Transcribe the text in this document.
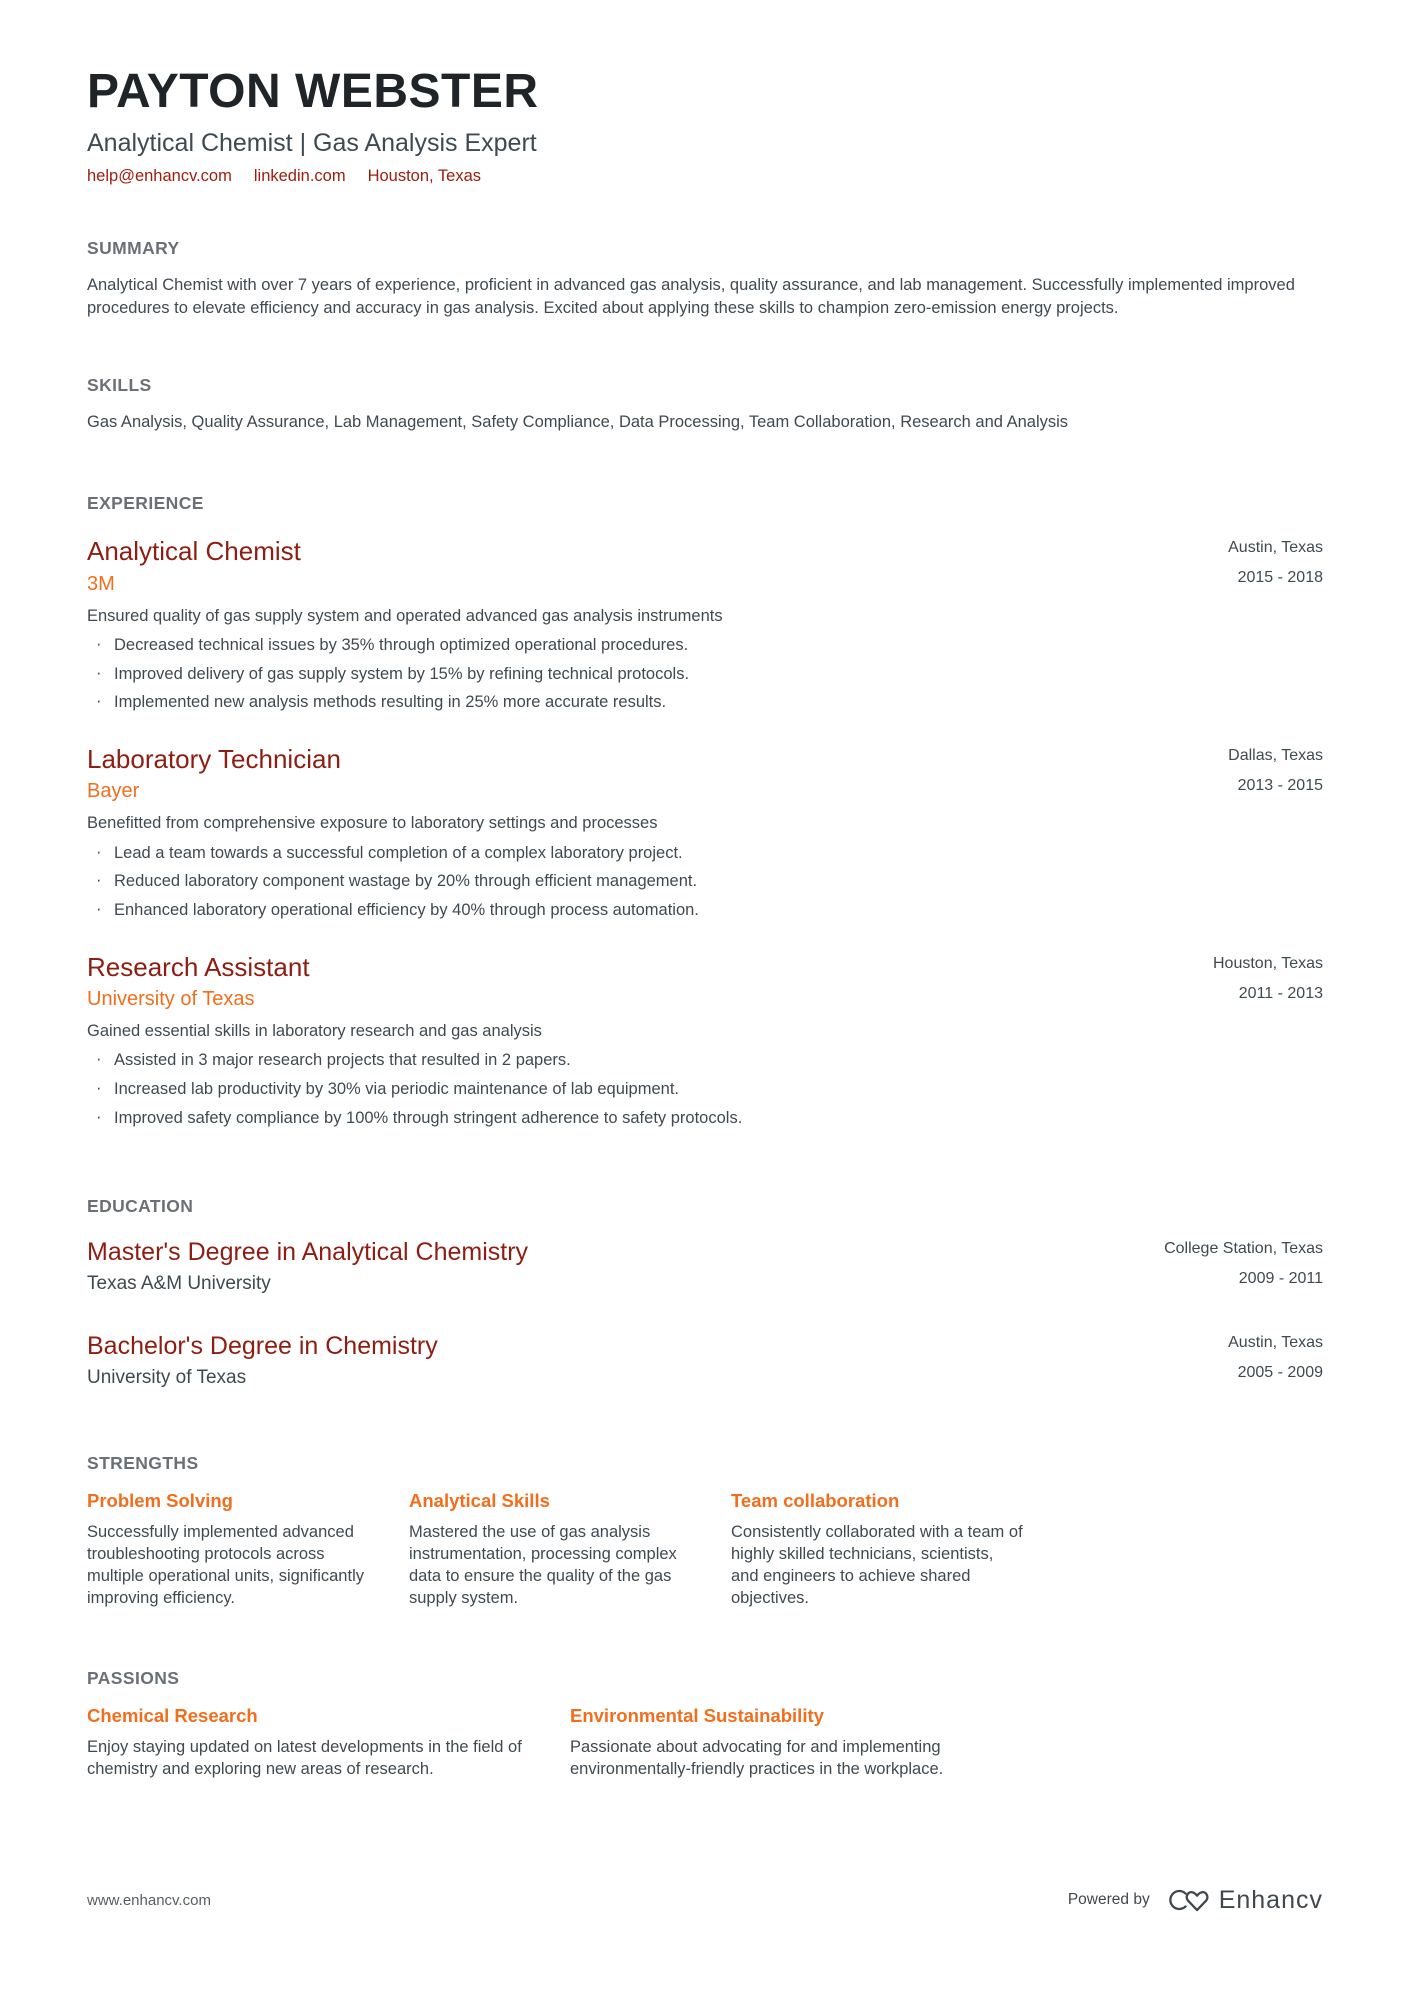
PAYTON WEBSTER
Analytical Chemist | Gas Analysis Expert
help@enhancv.com linkedin.com Houston, Texas
SUMMARY

Analytical Chemist with over 7 years of experience, proficient in advanced gas analysis, quality assurance, and lab management. Successfully implemented improved procedures to elevate efficiency and accuracy in gas analysis. Excited about applying these skills to champion zero-emission energy projects.

SKILLS

Gas Analysis, Quality Assurance, Lab Management, Safety Compliance, Data Processing, Team Collaboration, Research and Analysis

EXPERIENCE
Analytical Chemist
3M
Austin, Texas
2015 - 2018

Ensured quality of gas supply system and operated advanced gas analysis instruments

· Decreased technical issues by 35% through optimized operational procedures.
· Improved delivery of gas supply system by 15% by refining technical protocols.
· Implemented new analysis methods resulting in 25% more accurate results.
Laboratory Technician
Bayer
Dallas, Texas
2013 - 2015

Benefitted from comprehensive exposure to laboratory settings and processes

· Lead a team towards a successful completion of a complex laboratory project.
· Reduced laboratory component wastage by 20% through efficient management.
· Enhanced laboratory operational efficiency by 40% through process automation.
Research Assistant
University of Texas
Houston, Texas
2011 - 2013

Gained essential skills in laboratory research and gas analysis

· Assisted in 3 major research projects that resulted in 2 papers.
· Increased lab productivity by 30% via periodic maintenance of lab equipment.
· Improved safety compliance by 100% through stringent adherence to safety protocols.
EDUCATION
Master's Degree in Analytical Chemistry
Texas A&M University
College Station, Texas
2009 - 2011
Bachelor's Degree in Chemistry
University of Texas
Austin, Texas
2005 - 2009
STRENGTHS
Problem Solving

Successfully implemented advanced troubleshooting protocols across multiple operational units, significantly improving efficiency.

Analytical Skills

Mastered the use of gas analysis instrumentation, processing complex data to ensure the quality of the gas supply system.

Team collaboration

Consistently collaborated with a team of highly skilled technicians, scientists, and engineers to achieve shared objectives.

PASSIONS
Chemical Research

Enjoy staying updated on latest developments in the field of chemistry and exploring new areas of research.

Environmental Sustainability

Passionate about advocating for and implementing environmentally-friendly practices in the workplace.

www.enhancv.com	Powered by	Enhancv
